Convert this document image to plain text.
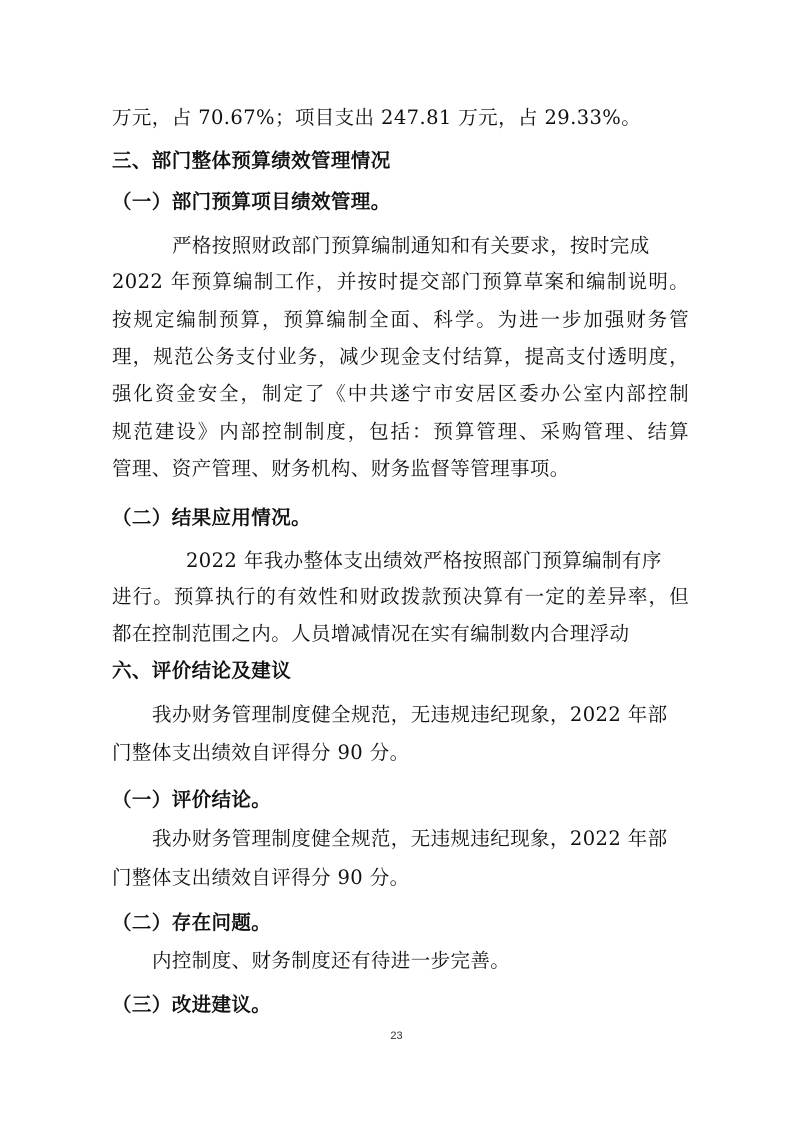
万元，占 70.67%；项目支出 247.81 万元，占 29.33%。
三、部门整体预算绩效管理情况
（一）部门预算项目绩效管理。
严格按照财政部门预算编制通知和有关要求，按时完成
2022 年预算编制工作，并按时提交部门预算草案和编制说明。
按规定编制预算，预算编制全面、科学。为进一步加强财务管
理，规范公务支付业务，减少现金支付结算，提高支付透明度，
强化资金安全，制定了《中共遂宁市安居区委办公室内部控制
规范建设》内部控制制度，包括：预算管理、采购管理、结算
管理、资产管理、财务机构、财务监督等管理事项。
（二）结果应用情况。
2022 年我办整体支出绩效严格按照部门预算编制有序
进行。预算执行的有效性和财政拨款预决算有一定的差异率，但
都在控制范围之内。人员增减情况在实有编制数内合理浮动
六、评价结论及建议
我办财务管理制度健全规范，无违规违纪现象，2022 年部
门整体支出绩效自评得分 90 分。
（一）评价结论。
我办财务管理制度健全规范，无违规违纪现象，2022 年部
门整体支出绩效自评得分 90 分。
（二）存在问题。
内控制度、财务制度还有待进一步完善。
（三）改进建议。
23
